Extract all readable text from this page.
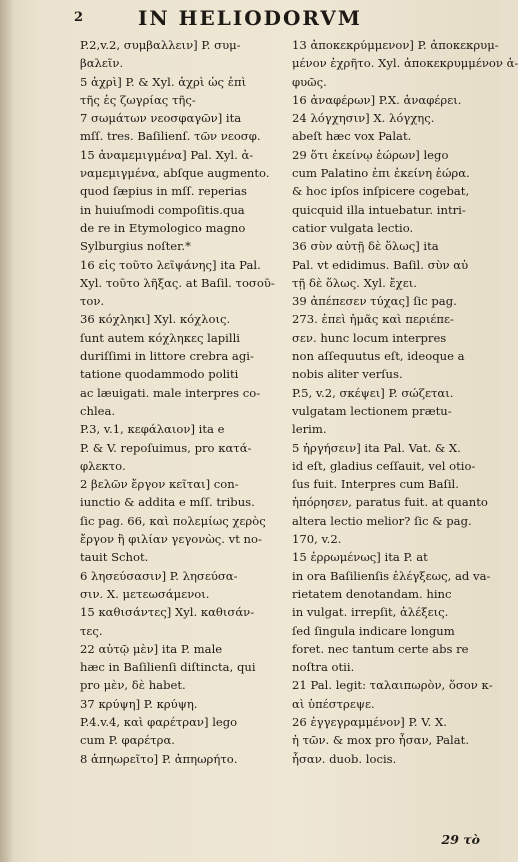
2	IN HELIODORVM
P.2,v.2, συμβαλλειν] P. συμ-
βαλεῖν.
5 ἀχρὶ] P. & Xyl. ἀχρὶ ὡς ἐπὶ
τῆς ἐς ζωγρίας τῆς-
7 σωμάτων νεοσφαγῶν] ita
mſſ. tres. Baſilienſ. τῶν νεοσφ.
15 ἀναμεμιγμένα] Pal. Xyl. ἀ-
ναμεμιγμένα, abſque augmento.
quod ſæpius in mſſ. reperias
in huiuſmodi compoſitis.qua
de re in Etymologico magno
Sylburgius noſter.*
16 εἰς τοῦτο λεῖψάνης] ita Pal.
Xyl. τοῦτο λῆξας. at Baſil. τοσοῦ-
τον.
36 κόχληκι] Xyl. κόχλοις.
ſunt autem κόχληκες lapilli
duriſſimi in littore crebra agi-
tatione quodammodo politi
ac læuigati. male interpres co-
chlea.
P.3, v.1, κεφάλαιον] ita e
P. & V. repoſuimus, pro κατά-
φλεκτο.
2 βελῶν ἔργον κεῖται] con-
iunctio & addita e mſſ. tribus.
ſic pag. 66, καὶ πολεμίως χερὸς
ἔργον ἢ φιλίαν γεγονὼς. vt no-
tauit Schot.
6 λησεύσασιν] P. λησεύσα-
σιν. X. μετεωσάμενοι.
15 καθισάντες] Xyl. καθισάν-
τες.
22 αὐτῷ μὲν] ita P. male
hæc in Baſilienſi diſtincta, qui
pro μὲν, δὲ habet.
37 κρύψη] P. κρύψη.
P.4.v.4, καὶ φαρέτραν] lego
cum P. φαρέτρα.
8 ἀπηωρεῖτο] P. ἀπηωρήτο.
13 ἀποκεκρύμμενον] P. ἀποκεκρυμ-
μένον ἐχρῆτο. Xyl. ἀποκεκρυμμένον ἀ-
φυῶς.
16 ἀναφέρων] P.X. ἀναφέρει.
24 λόγχησιν] X. λόγχης.
abeſt hæc vox Palat.
29 ὅτι ἐκείνῳ ἑώρων] lego
cum Palatino ἐπι ἐκείνη ἑώρα.
& hoc ipſos inſpicere cogebat,
quicquid illa intuebatur. intri-
catior vulgata lectio.
36 σὺν αὐτῇ δὲ ὅλως] ita
Pal. vt edidimus. Baſil. σὺν αὐ
τῇ δὲ ὅλως. Xyl. ἔχει.
39 ἀπέπεσεν τύχας] ſic pag.
273. ἐπεὶ ἡμᾶς καὶ περιέπε-
σεν. hunc locum interpres
non aſſequutus eſt, ideoque a
nobis aliter verſus.
P.5, v.2, σκέψει] P. σώζεται.
vulgatam lectionem prætu-
lerim.
5 ἠργήσειν] ita Pal. Vat. & X.
id eſt, gladius ceſſauit, vel otio-
ſus fuit. Interpres cum Baſil.
ἠπόρησεν, paratus fuit. at quanto
altera lectio melior? ſic & pag.
170, v.2.
15 ἐρρωμένως] ita P. at
in ora Baſilienſis ἐλέγξεως, ad va-
rietatem denotandam. hinc
in vulgat. irrepſit, ἀλέξεις.
ſed ſingula indicare longum
foret. nec tantum certe abs re
noſtra otii.
21 Pal. legit: ταλαιπωρὸν, ὅσον κ-
αὶ ὑπέστρεψε.
26 ἐγγεγραμμένον] P. V. X.
ἡ τῶν. & mox pro ἦσαν, Palat.
ἦσαν. duob. locis.
29 τὸ
